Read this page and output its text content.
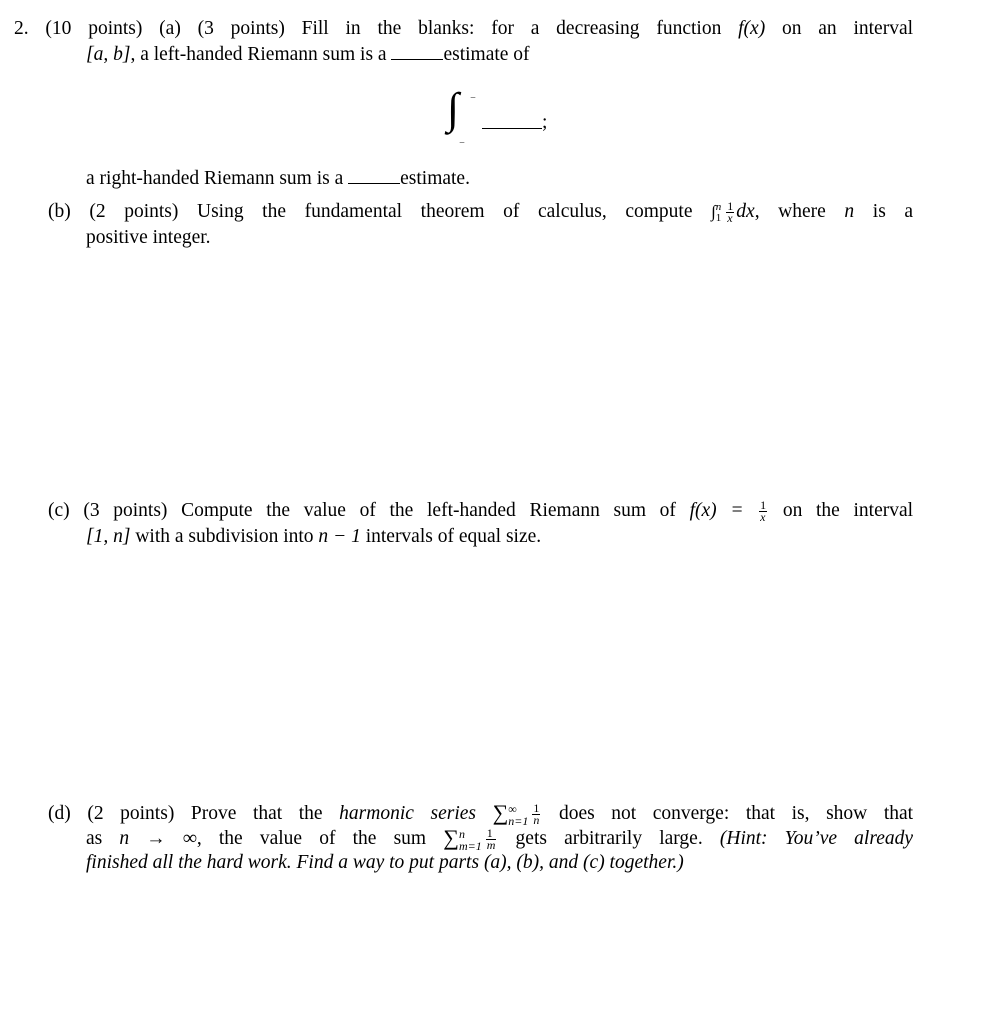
2. (10 points) (a) (3 points) Fill in the blanks: for a decreasing function f(x) on an interval
[a, b], a left-handed Riemann sum is a	estimate of
∫ ‾
‾
;
a right-handed Riemann sum is a	estimate.
(b) (2 points) Using the fundamental theorem of calculus, compute ∫ n
$1 \frac{1}{x}$ dx, where n is a
positive integer.
(c) (3 points) Compute the value of the left-handed Riemann sum of $f(x) = \frac{1}{x}$ on the interval
[1, n] with a subdivision into n − 1 intervals of equal size.
(d) (2 points) Prove that the harmonic series ∑ ∞
$n=1 \frac{1}{n}$ does not converge: that is, show that
as n → ∞, the value of the sum ∑ n
$m=1 \frac{1}{m}$ gets arbitrarily large. (Hint: You’ve already
finished all the hard work. Find a way to put parts (a), (b), and (c) together.)
